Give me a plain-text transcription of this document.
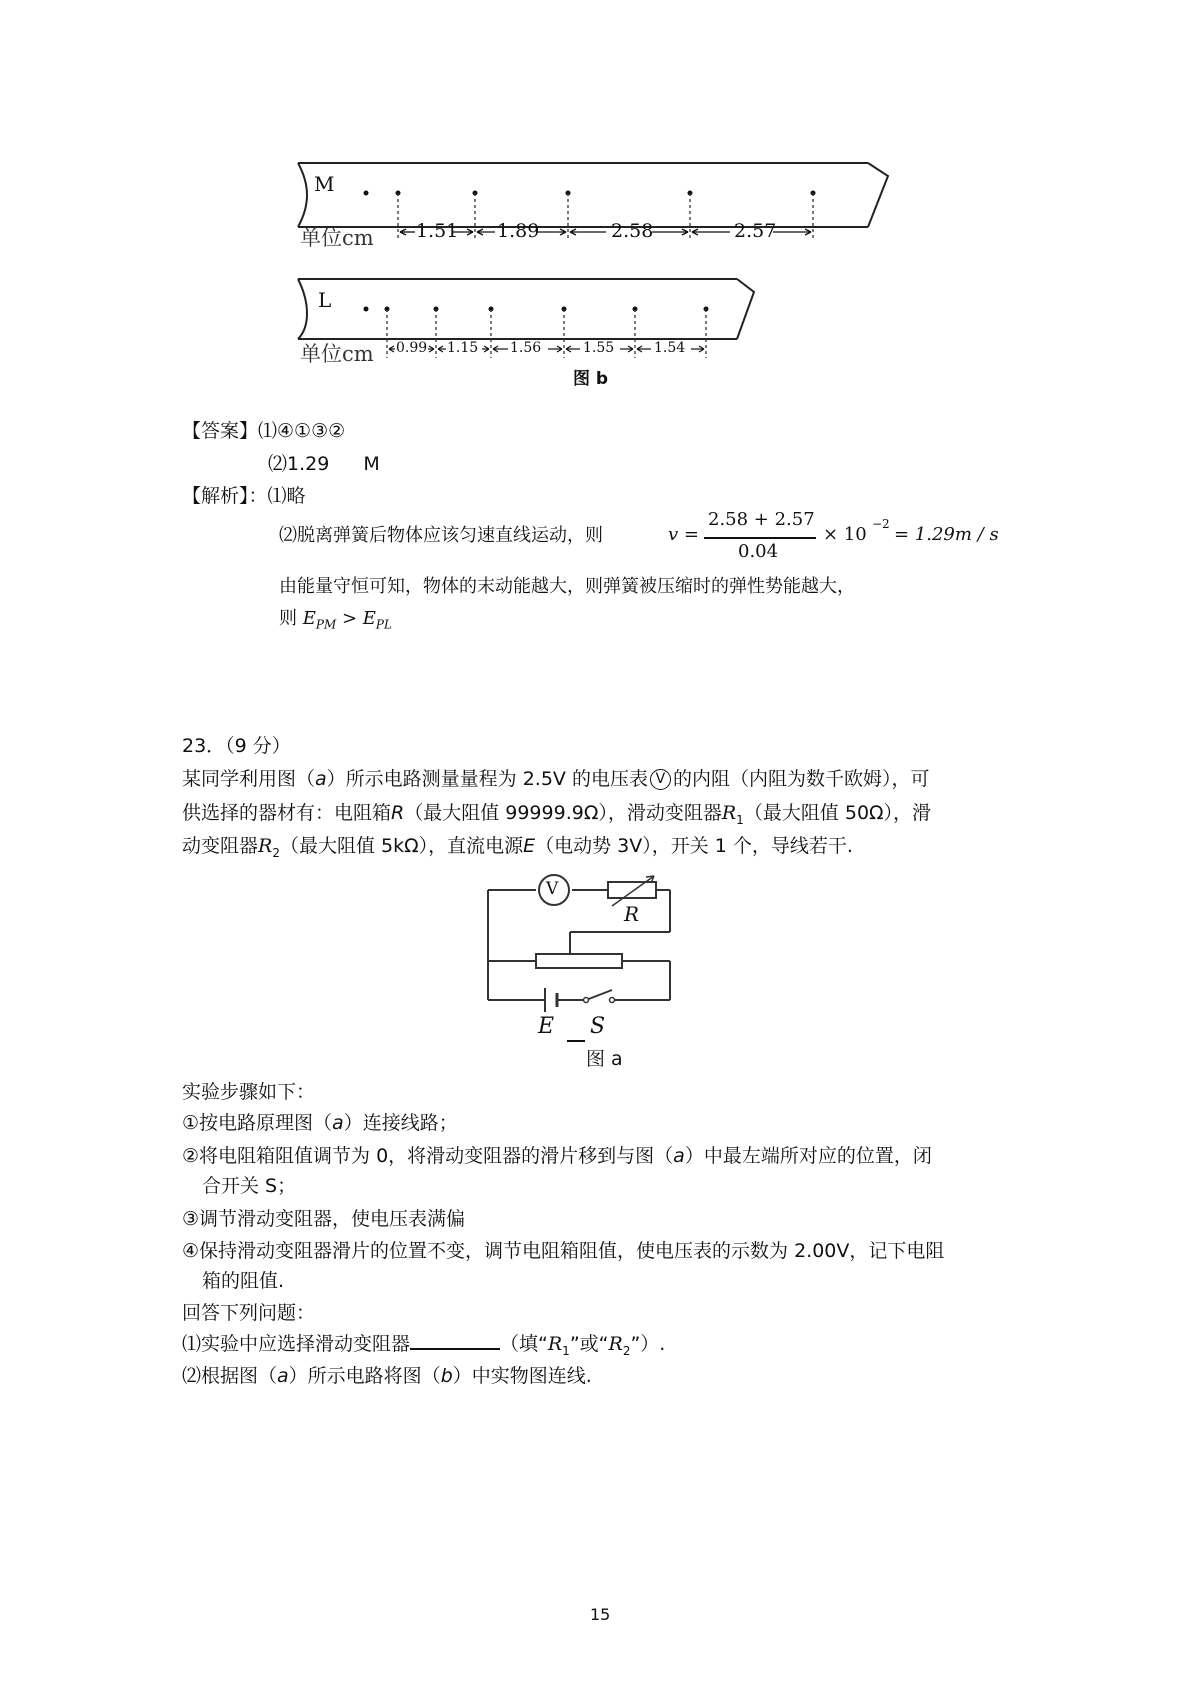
M
单位cm 1.51 1.89	2.58	2.57
L
单位cm 0.99 1.15 1.56	1.55	1.54
图 b
【答案】⑴④①③②
⑵1.29 M
【解析】：⑴略
⑵脱离弹簧后物体应该匀速直线运动，则	v =
2.58 + 2.57
0.04
× 10 −2 = 1.29m / s
由能量守恒可知，物体的末动能越大，则弹簧被压缩时的弹性势能越大，
则 $E_{PM} > E_{PL}$
23．（9 分）
某同学利用图（a）所示电路测量量程为 2.5V 的电压表 V 的内阻（内阻为数千欧姆），可
供选择的器材有：电阻箱R（最大阻值 99999.9Ω），滑动变阻器$R_1$（最大阻值 50Ω），滑
动变阻器$R_2$（最大阻值 5kΩ），直流电源E（电动势 3V），开关 1 个，导线若干.
V
R
E S
图 a
实验步骤如下：
①按电路原理图（a）连接线路；
②将电阻箱阻值调节为 0，将滑动变阻器的滑片移到与图（a）中最左端所对应的位置，闭
合开关 S；
③调节滑动变阻器，使电压表满偏
④保持滑动变阻器滑片的位置不变，调节电阻箱阻值，使电压表的示数为 2.00V，记下电阻
箱的阻值.
回答下列问题：
⑴实验中应选择滑动变阻器	（填“$R_1$”或“$R_2$”）.
⑵根据图（a）所示电路将图（b）中实物图连线.
15
